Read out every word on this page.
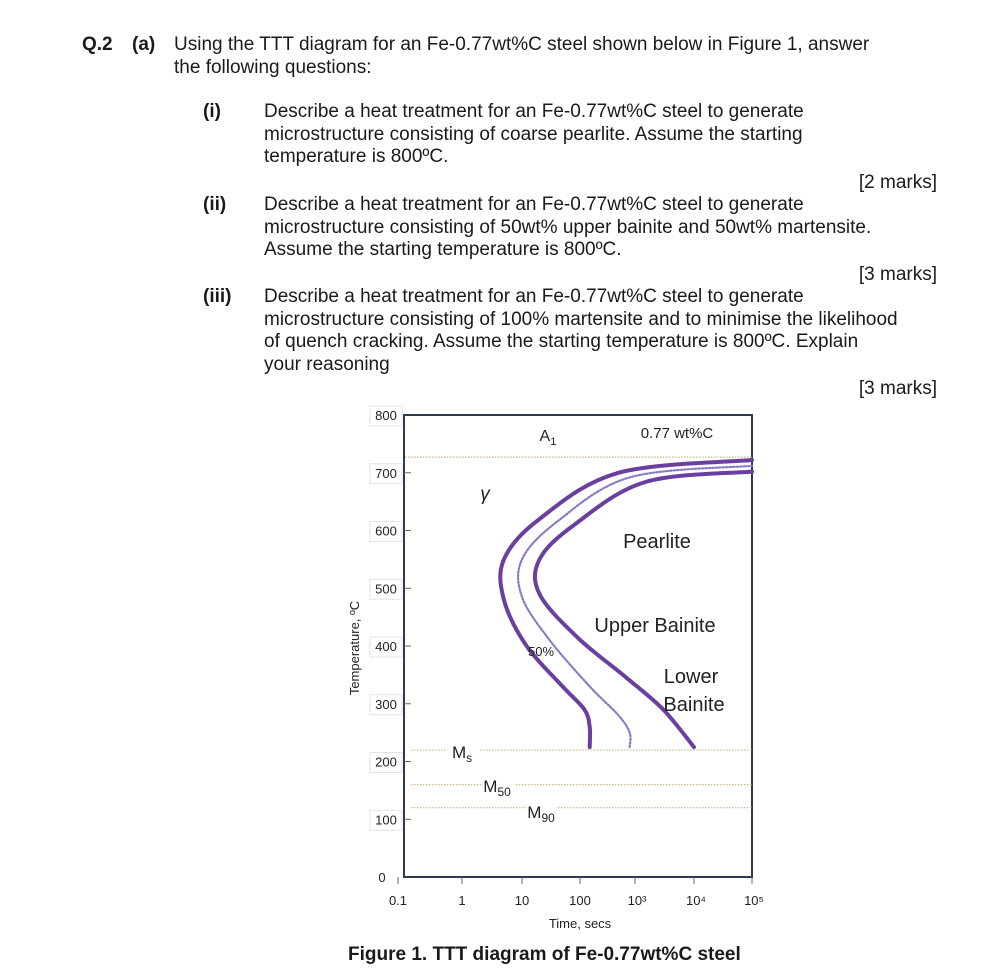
Q.2 (a) Using the TTT diagram for an Fe-0.77wt%C steel shown below in Figure 1, answer
the following questions:
(i) Describe a heat treatment for an Fe-0.77wt%C steel to generate
microstructure consisting of coarse pearlite. Assume the starting
temperature is 800ºC.
[2 marks]
(ii) Describe a heat treatment for an Fe-0.77wt%C steel to generate
microstructure consisting of 50wt% upper bainite and 50wt% martensite.
Assume the starting temperature is 800ºC.
[3 marks]
(iii) Describe a heat treatment for an Fe-0.77wt%C steel to generate
microstructure consisting of 100% martensite and to minimise the likelihood
of quench cracking. Assume the starting temperature is 800ºC. Explain
your reasoning
[3 marks]
$A_1$
$M_s$
$M_{50}$
$M_{90}$
0
100
200
300
400
500
600
700
800
0.1	1	10	100	10³	10⁴	10⁵
Temperature, ºC
Time, secs
0.77 wt%C
γ
Pearlite
Upper Bainite
Lower
Bainite
50%
Figure 1. TTT diagram of Fe-0.77wt%C steel
